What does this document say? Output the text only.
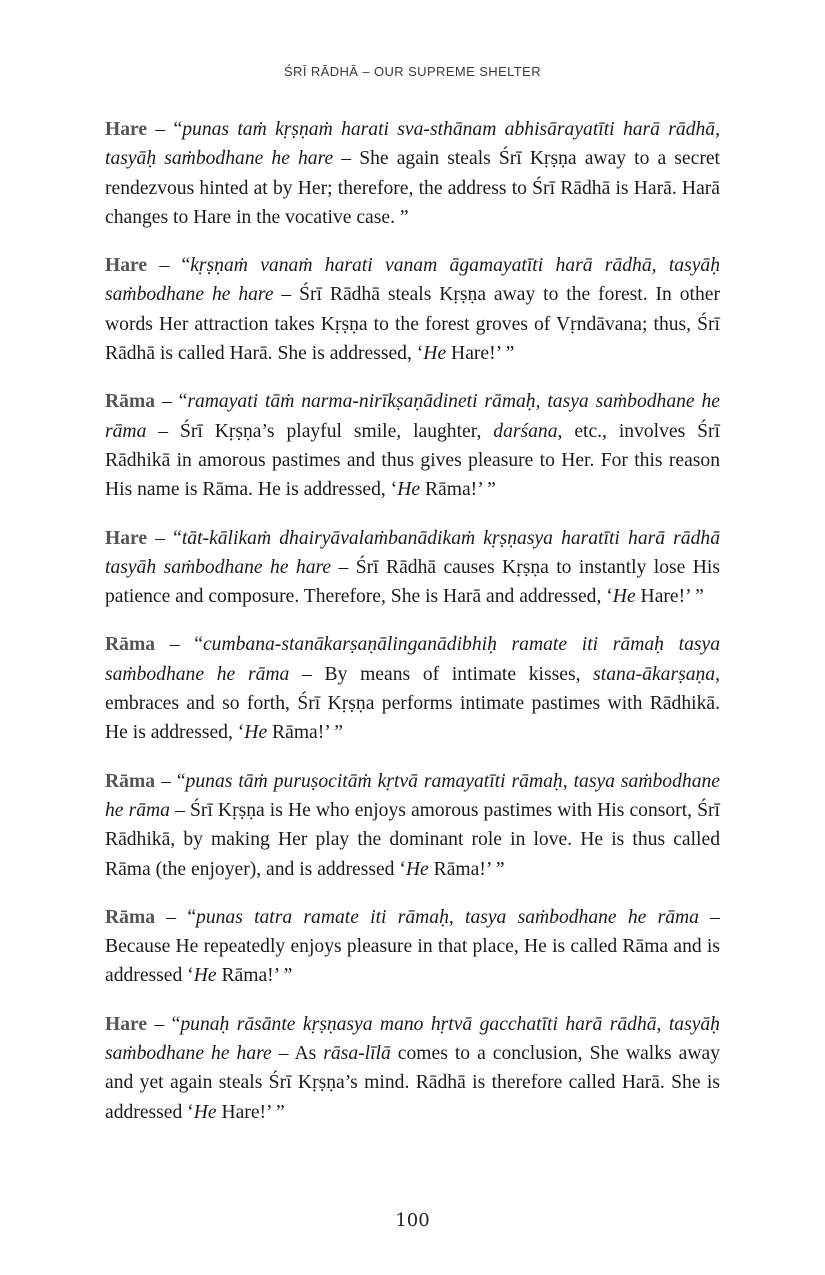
ŚRĪ RĀDHĀ – OUR SUPREME SHELTER

Hare – “punas taṁ kṛṣṇaṁ harati sva-sthānam abhisārayatīti harā rādhā, tasyāḥ saṁbodhane he hare – She again steals Śrī Kṛṣṇa away to a secret rendezvous hinted at by Her; therefore, the address to Śrī Rādhā is Harā. Harā changes to Hare in the vocative case. ”

Hare – “kṛṣṇaṁ vanaṁ harati vanam āgamayatīti harā rādhā, tasyāḥ saṁbodhane he hare – Śrī Rādhā steals Kṛṣṇa away to the forest. In other words Her attraction takes Kṛṣṇa to the forest groves of Vṛndāvana; thus, Śrī Rādhā is called Harā. She is addressed, ‘He Hare!’ ”

Rāma – “ramayati tāṁ narma-nirīkṣaṇādineti rāmaḥ, tasya saṁbodhane he rāma – Śrī Kṛṣṇa’s playful smile, laughter, darśana, etc., involves Śrī Rādhikā in amorous pastimes and thus gives pleasure to Her. For this reason His name is Rāma. He is addressed, ‘He Rāma!’ ”

Hare – “tāt-kālikaṁ dhairyāvalaṁbanādikaṁ kṛṣṇasya haratīti harā rādhā tasyāh saṁbodhane he hare – Śrī Rādhā causes Kṛṣṇa to instantly lose His patience and composure. Therefore, She is Harā and addressed, ‘He Hare!’ ”

Rāma – “cumbana-stanākarṣaṇālinganādibhiḥ ramate iti rāmaḥ tasya saṁbodhane he rāma – By means of intimate kisses, stana-ākarṣaṇa, embraces and so forth, Śrī Kṛṣṇa performs intimate pastimes with Rādhikā. He is addressed, ‘He Rāma!’ ”

Rāma – “punas tāṁ puruṣocitāṁ kṛtvā ramayatīti rāmaḥ, tasya saṁbodhane he rāma – Śrī Kṛṣṇa is He who enjoys amorous pastimes with His consort, Śrī Rādhikā, by making Her play the dominant role in love. He is thus called Rāma (the enjoyer), and is addressed ‘He Rāma!’ ”

Rāma – “punas tatra ramate iti rāmaḥ, tasya saṁbodhane he rāma – Because He repeatedly enjoys pleasure in that place, He is called Rāma and is addressed ‘He Rāma!’ ”

Hare – “punaḥ rāsānte kṛṣṇasya mano hṛtvā gacchatīti harā rādhā, tasyāḥ saṁbodhane he hare – As rāsa-līlā comes to a conclusion, She walks away and yet again steals Śrī Kṛṣṇa’s mind. Rādhā is therefore called Harā. She is addressed ‘He Hare!’ ”

100
